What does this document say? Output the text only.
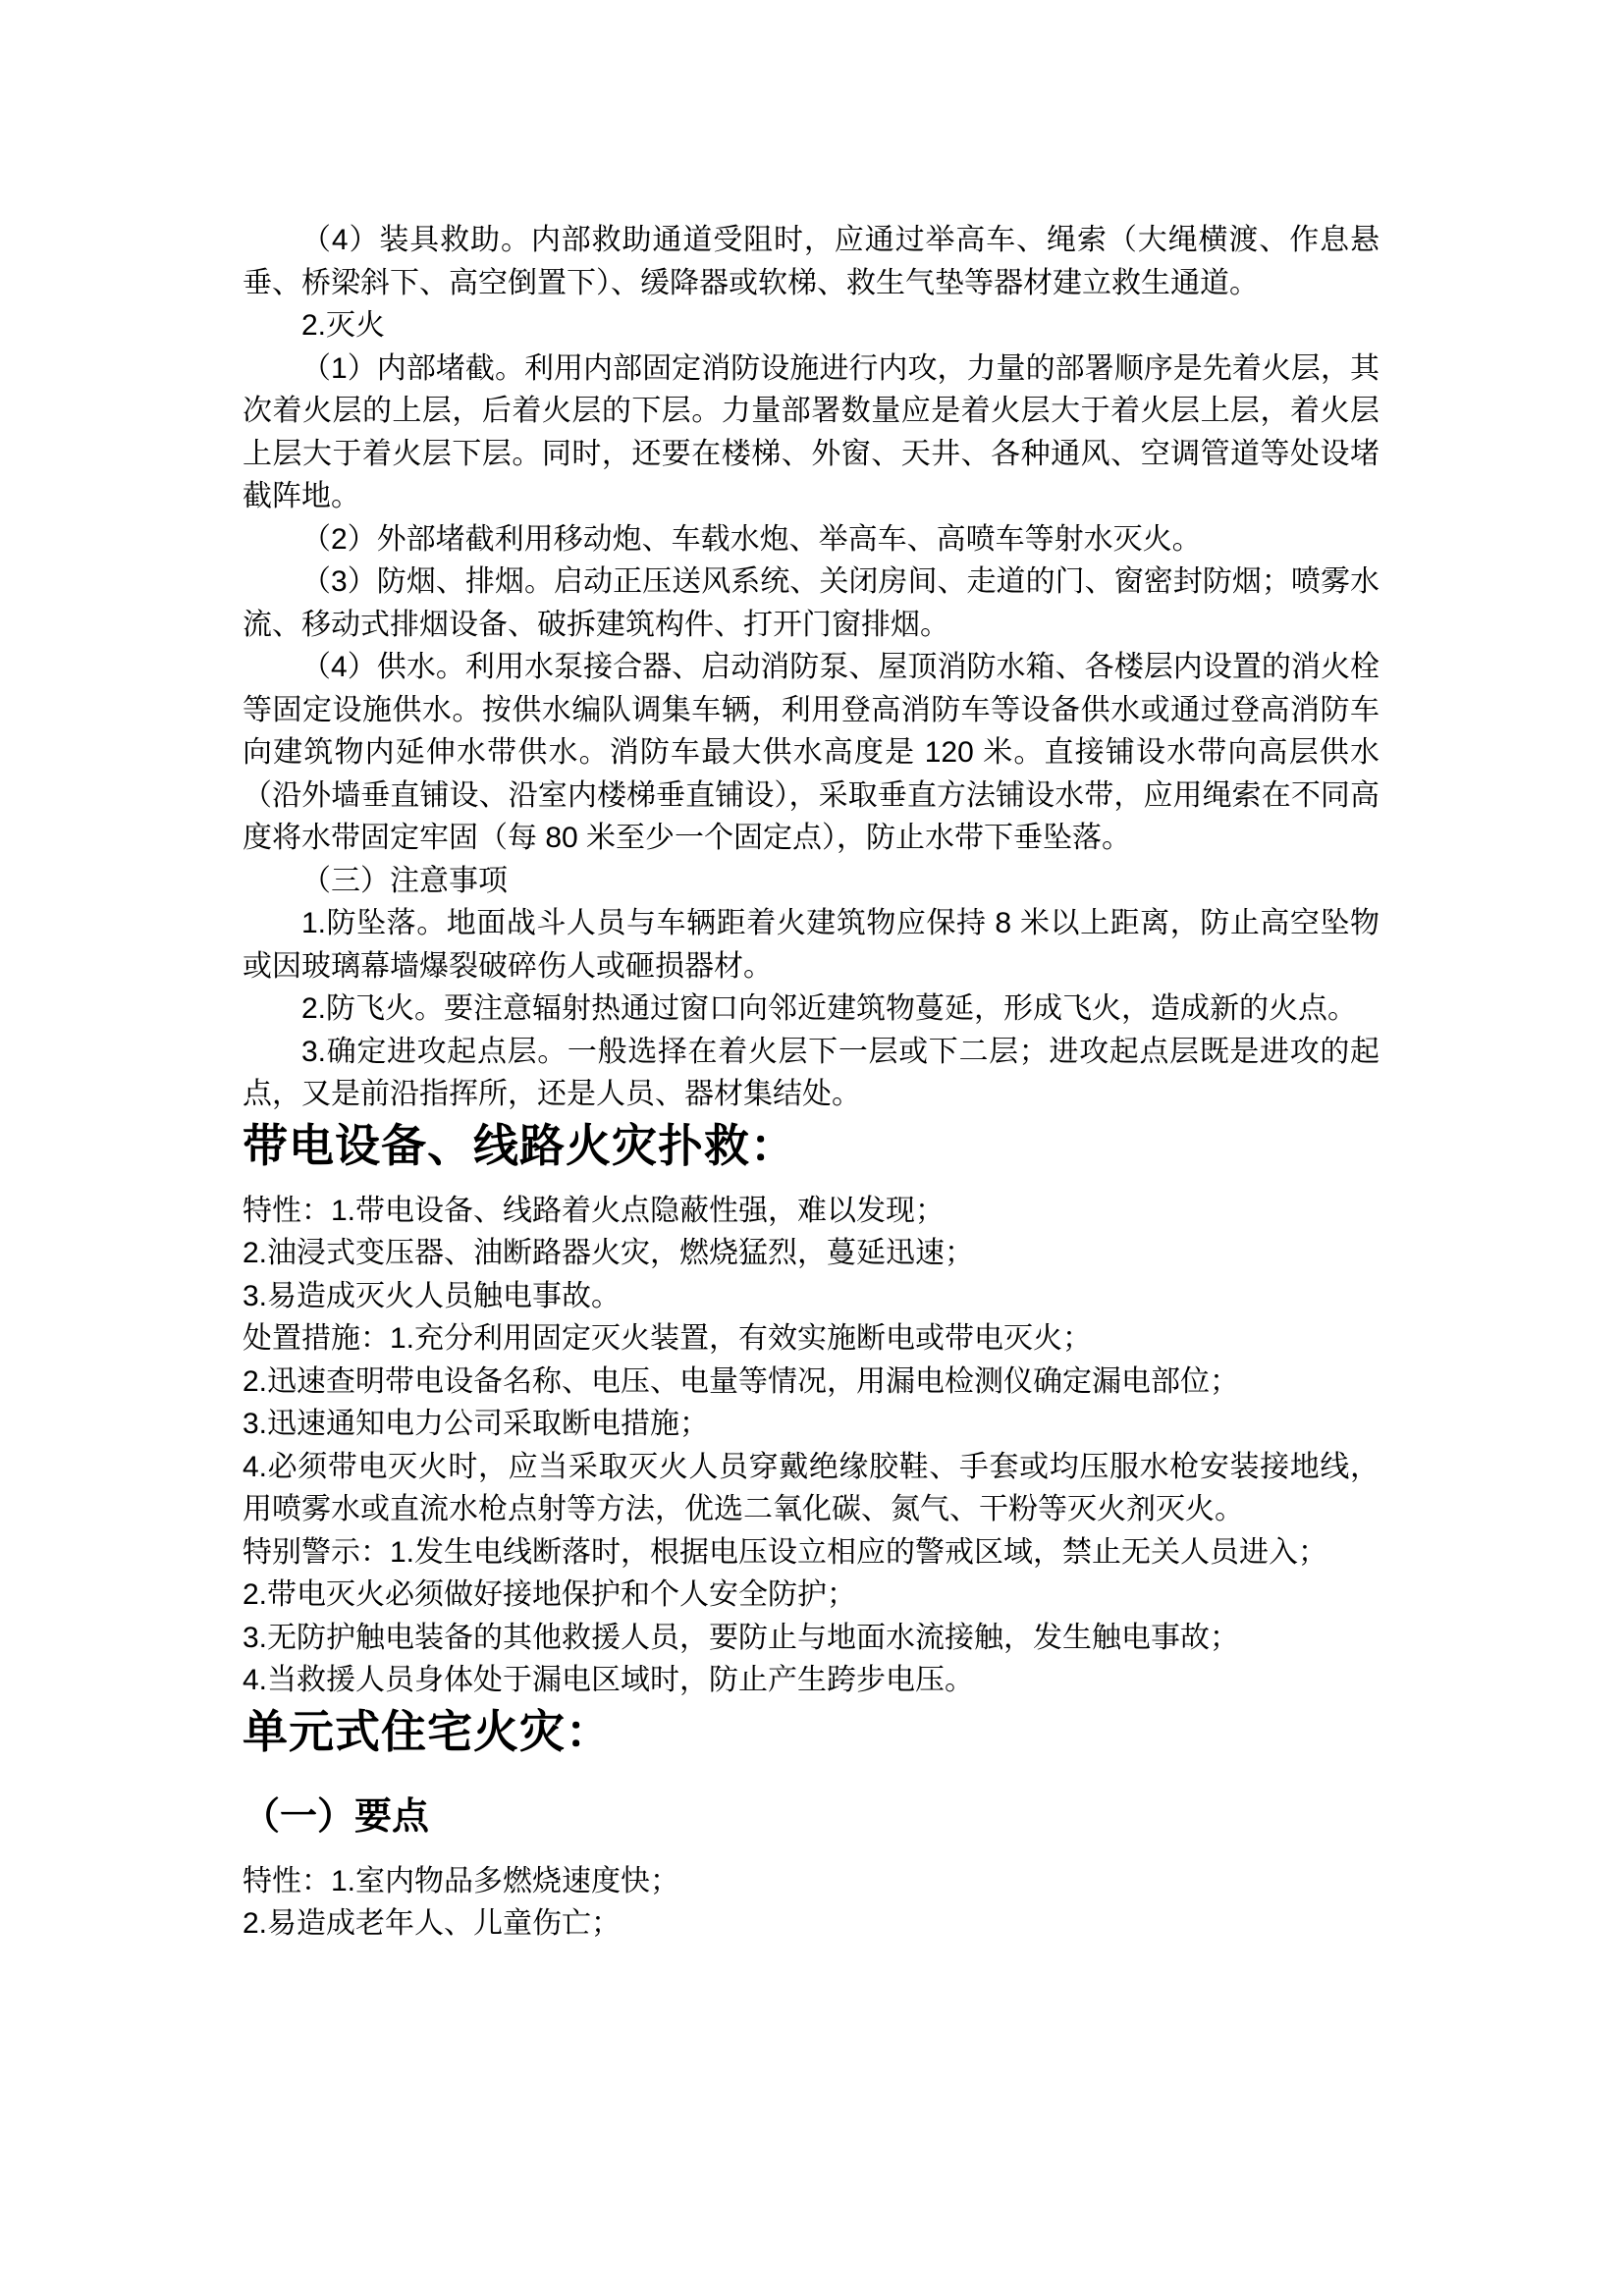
（4）装具救助。内部救助通道受阻时，应通过举高车、绳索（大绳横渡、作息悬垂、桥梁斜下、高空倒置下）、缓降器或软梯、救生气垫等器材建立救生通道。

2.灭火

（1）内部堵截。利用内部固定消防设施进行内攻，力量的部署顺序是先着火层，其次着火层的上层，后着火层的下层。力量部署数量应是着火层大于着火层上层，着火层上层大于着火层下层。同时，还要在楼梯、外窗、天井、各种通风、空调管道等处设堵截阵地。

（2）外部堵截利用移动炮、车载水炮、举高车、高喷车等射水灭火。

（3）防烟、排烟。启动正压送风系统、关闭房间、走道的门、窗密封防烟；喷雾水流、移动式排烟设备、破拆建筑构件、打开门窗排烟。

（4）供水。利用水泵接合器、启动消防泵、屋顶消防水箱、各楼层内设置的消火栓等固定设施供水。按供水编队调集车辆，利用登高消防车等设备供水或通过登高消防车向建筑物内延伸水带供水。消防车最大供水高度是 120 米。直接铺设水带向高层供水（沿外墙垂直铺设、沿室内楼梯垂直铺设），采取垂直方法铺设水带，应用绳索在不同高度将水带固定牢固（每 80 米至少一个固定点），防止水带下垂坠落。

（三）注意事项

1.防坠落。地面战斗人员与车辆距着火建筑物应保持 8 米以上距离，防止高空坠物或因玻璃幕墙爆裂破碎伤人或砸损器材。

2.防飞火。要注意辐射热通过窗口向邻近建筑物蔓延，形成飞火，造成新的火点。

3.确定进攻起点层。一般选择在着火层下一层或下二层；进攻起点层既是进攻的起点，又是前沿指挥所，还是人员、器材集结处。

带电设备、线路火灾扑救：

特性：1.带电设备、线路着火点隐蔽性强，难以发现；

2.油浸式变压器、油断路器火灾，燃烧猛烈，蔓延迅速；

3.易造成灭火人员触电事故。

处置措施：1.充分利用固定灭火装置，有效实施断电或带电灭火；

2.迅速查明带电设备名称、电压、电量等情况，用漏电检测仪确定漏电部位；

3.迅速通知电力公司采取断电措施；

4.必须带电灭火时，应当采取灭火人员穿戴绝缘胶鞋、手套或均压服水枪安装接地线，用喷雾水或直流水枪点射等方法，优选二氧化碳、氮气、干粉等灭火剂灭火。

特别警示：1.发生电线断落时，根据电压设立相应的警戒区域，禁止无关人员进入；

2.带电灭火必须做好接地保护和个人安全防护；

3.无防护触电装备的其他救援人员，要防止与地面水流接触，发生触电事故；

4.当救援人员身体处于漏电区域时，防止产生跨步电压。

单元式住宅火灾：
（一）要点

特性：1.室内物品多燃烧速度快；

2.易造成老年人、儿童伤亡；
